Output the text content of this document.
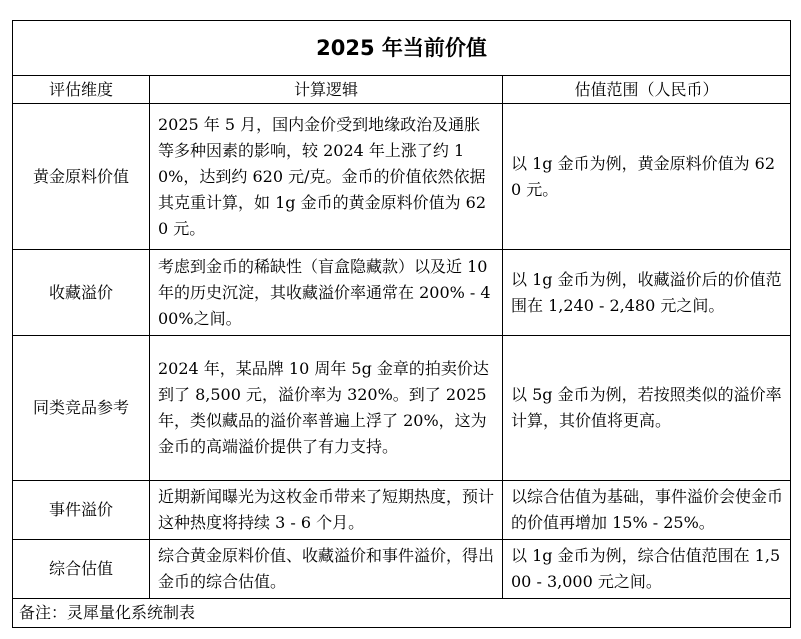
2025 年当前价值		
评估维度	计算逻辑	估值范围（人民币）
黄金原料价值	2025 年 5 月，国内金价受到地缘政治及通胀等多种因素的影响，较 2024 年上涨了约 10%，达到约 620 元/克。金币的价值依然依据其克重计算，如 1g 金币的黄金原料价值为 620 元。	以 1g 金币为例，黄金原料价值为 620 元。
收藏溢价	考虑到金币的稀缺性（盲盒隐藏款）以及近 10 年的历史沉淀，其收藏溢价率通常在 200% - 400%之间。	以 1g 金币为例，收藏溢价后的价值范围在 1,240 - 2,480 元之间。
同类竞品参考	2024 年，某品牌 10 周年 5g 金章的拍卖价达到了 8,500 元，溢价率为 320%。到了 2025 年，类似藏品的溢价率普遍上浮了 20%，这为金币的高端溢价提供了有力支持。	以 5g 金币为例，若按照类似的溢价率计算，其价值将更高。
事件溢价	近期新闻曝光为这枚金币带来了短期热度，预计这种热度将持续 3 - 6 个月。	以综合估值为基础，事件溢价会使金币的价值再增加 15% - 25%。
综合估值	综合黄金原料价值、收藏溢价和事件溢价，得出金币的综合估值。	以 1g 金币为例，综合估值范围在 1,500 - 3,000 元之间。
备注：灵犀量化系统制表		
